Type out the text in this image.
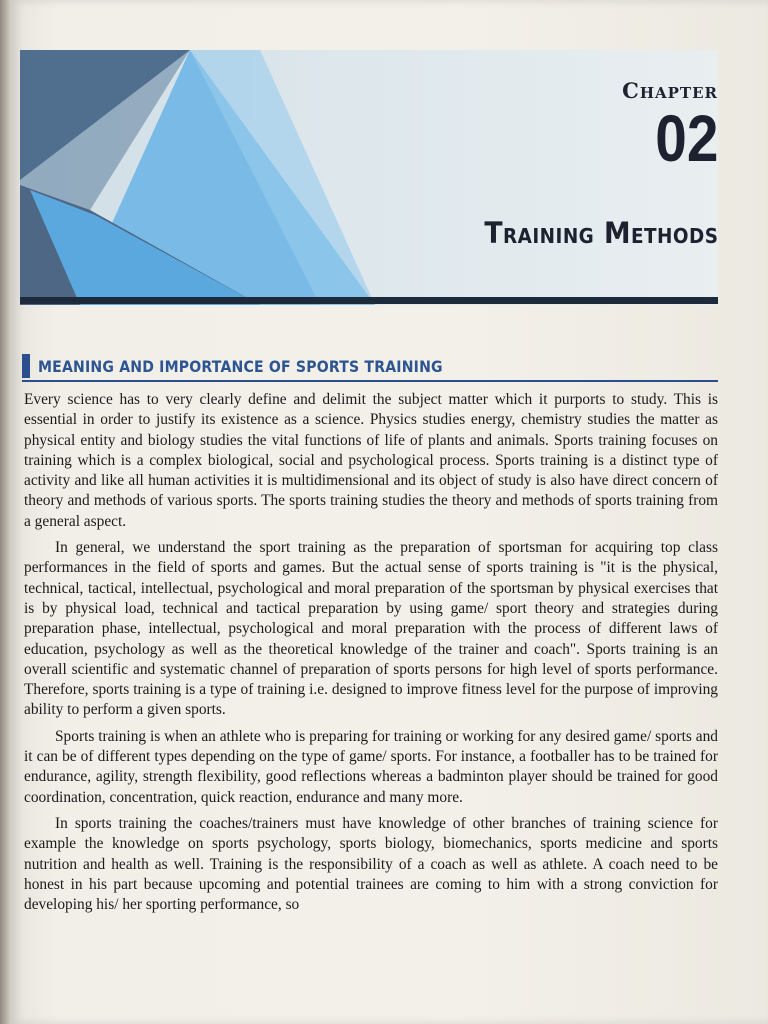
Chapter
02
Training Methods
MEANING AND IMPORTANCE OF SPORTS TRAINING

Every science has to very clearly define and delimit the subject matter which it purports to study. This is essential in order to justify its existence as a science. Physics studies energy, chemistry studies the matter as physical entity and biology studies the vital functions of life of plants and animals. Sports training focuses on training which is a complex biological, social and psychological process. Sports training is a distinct type of activity and like all human activities it is multidimensional and its object of study is also have direct concern of theory and methods of various sports. The sports training studies the theory and methods of sports training from a general aspect.

In general, we understand the sport training as the preparation of sportsman for acquiring top class performances in the field of sports and games. But the actual sense of sports training is "it is the physical, technical, tactical, intellectual, psychological and moral preparation of the sportsman by physical exercises that is by physical load, technical and tactical preparation by using game/ sport theory and strategies during preparation phase, intellectual, psychological and moral preparation with the process of different laws of education, psychology as well as the theoretical knowledge of the trainer and coach". Sports training is an overall scientific and systematic channel of preparation of sports persons for high level of sports performance. Therefore, sports training is a type of training i.e. designed to improve fitness level for the purpose of improving ability to perform a given sports.

Sports training is when an athlete who is preparing for training or working for any desired game/ sports and it can be of different types depending on the type of game/ sports. For instance, a footballer has to be trained for endurance, agility, strength flexibility, good reflections whereas a badminton player should be trained for good coordination, concentration, quick reaction, endurance and many more.

In sports training the coaches/trainers must have knowledge of other branches of training science for example the knowledge on sports psychology, sports biology, biomechanics, sports medicine and sports nutrition and health as well. Training is the responsibility of a coach as well as athlete. A coach need to be honest in his part because upcoming and potential trainees are coming to him with a strong conviction for developing his/ her sporting performance, so
